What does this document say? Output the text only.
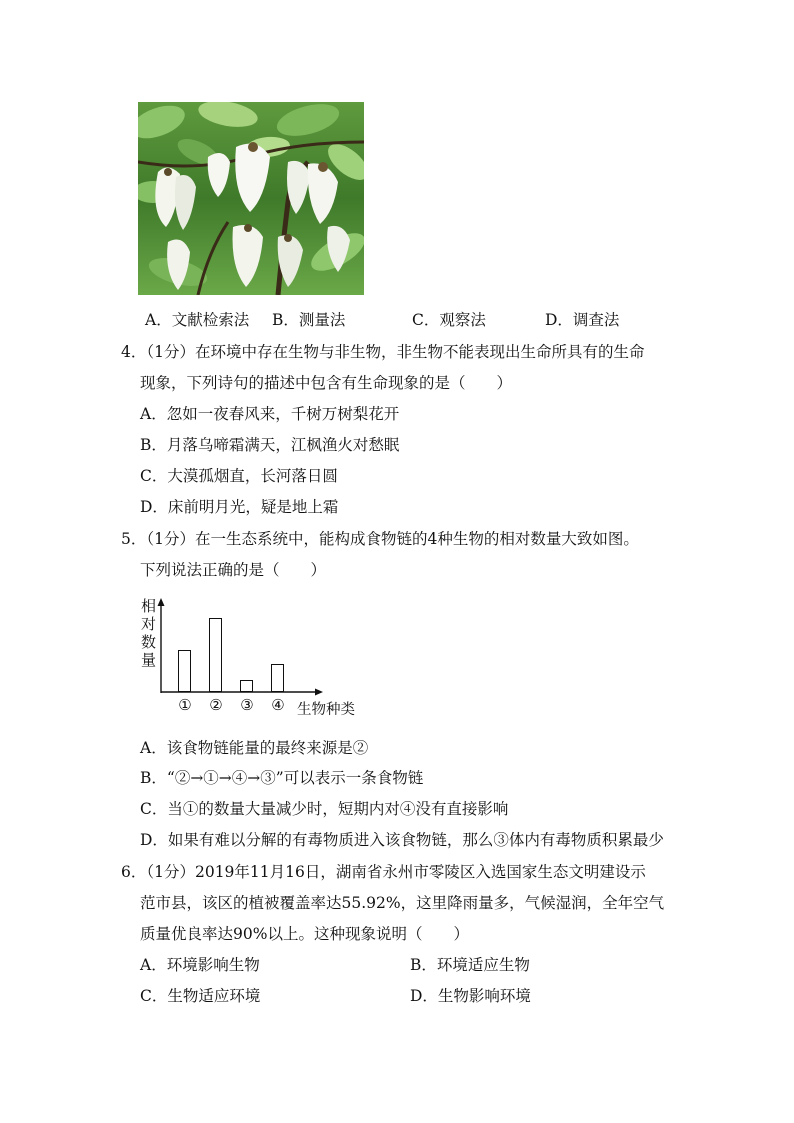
A．文献检索法 B．测量法	C．观察法	D．调查法
4．（1分）在环境中存在生物与非生物，非生物不能表现出生命所具有的生命
现象，下列诗句的描述中包含有生命现象的是（　　）
A．忽如一夜春风来，千树万树梨花开
B．月落乌啼霜满天，江枫渔火对愁眠
C．大漠孤烟直，长河落日圆
D．床前明月光，疑是地上霜
5．（1分）在一生态系统中，能构成食物链的4种生物的相对数量大致如图。
下列说法正确的是（　　）
相
对
数
量
① ② ③ ④ 生物种类
A．该食物链能量的最终来源是②
B．“②→①→④→③”可以表示一条食物链
C．当①的数量大量减少时，短期内对④没有直接影响
D．如果有难以分解的有毒物质进入该食物链，那么③体内有毒物质积累最少
6．（1分）2019年11月16日，湖南省永州市零陵区入选国家生态文明建设示
范市县，该区的植被覆盖率达55.92%，这里降雨量多，气候湿润，全年空气
质量优良率达90%以上。这种现象说明（　　）
A．环境影响生物	B．环境适应生物
C．生物适应环境	D．生物影响环境
